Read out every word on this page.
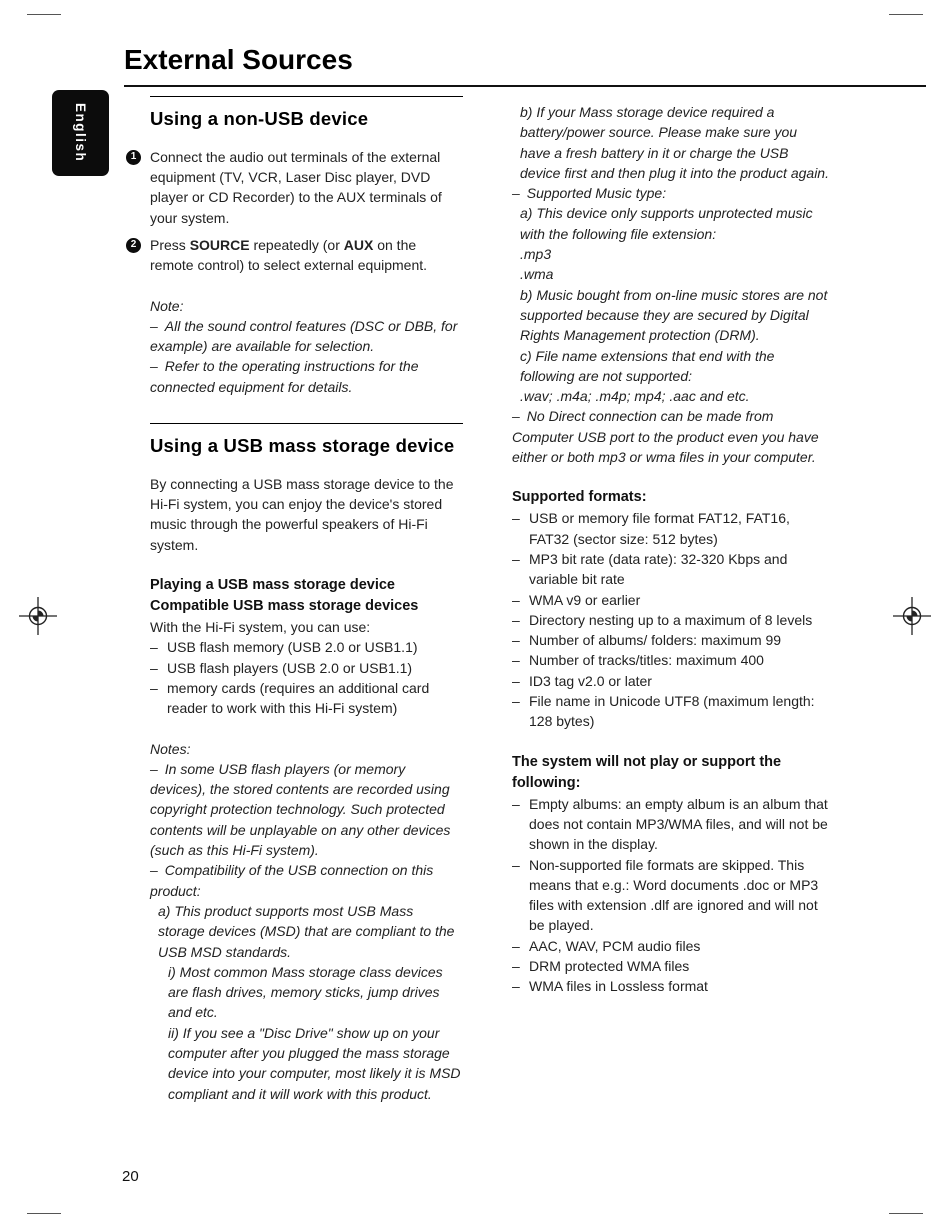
External Sources
English	Using a non-USB device
1 Connect the audio out terminals of the external equipment (TV, VCR, Laser Disc player, DVD player or CD Recorder) to the AUX terminals of your system.
2 Press SOURCE repeatedly (or AUX on the remote control) to select external equipment.

Note:

– All the sound control features (DSC or DBB, for example) are available for selection.

– Refer to the operating instructions for the connected equipment for details.

Using a USB mass storage device

By connecting a USB mass storage device to the Hi-Fi system, you can enjoy the device's stored music through the powerful speakers of Hi-Fi system.

Playing a USB mass storage device

Compatible USB mass storage devices

With the Hi-Fi system, you can use:

– USB flash memory (USB 2.0 or USB1.1)
– USB flash players (USB 2.0 or USB1.1)
– memory cards (requires an additional card reader to work with this Hi-Fi system)

Notes:

– In some USB flash players (or memory devices), the stored contents are recorded using copyright protection technology. Such protected contents will be unplayable on any other devices (such as this Hi-Fi system).

– Compatibility of the USB connection on this product:

a) This product supports most USB Mass storage devices (MSD) that are compliant to the USB MSD standards.

i) Most common Mass storage class devices are flash drives, memory sticks, jump drives and etc.

ii) If you see a "Disc Drive" show up on your computer after you plugged the mass storage device into your computer, most likely it is MSD compliant and it will work with this product.

b) If your Mass storage device required a battery/power source. Please make sure you have a fresh battery in it or charge the USB device first and then plug it into the product again.

– Supported Music type:

a) This device only supports unprotected music with the following file extension:

.mp3

.wma

b) Music bought from on-line music stores are not supported because they are secured by Digital Rights Management protection (DRM).

c) File name extensions that end with the following are not supported:

.wav; .m4a; .m4p; mp4; .aac and etc.

– No Direct connection can be made from Computer USB port to the product even you have either or both mp3 or wma files in your computer.

Supported formats:

– USB or memory file format FAT12, FAT16, FAT32 (sector size: 512 bytes)
– MP3 bit rate (data rate): 32-320 Kbps and variable bit rate
– WMA v9 or earlier
– Directory nesting up to a maximum of 8 levels
– Number of albums/ folders: maximum 99
– Number of tracks/titles: maximum 400
– ID3 tag v2.0 or later
– File name in Unicode UTF8 (maximum length: 128 bytes)

The system will not play or support the following:

– Empty albums: an empty album is an album that does not contain MP3/WMA files, and will not be shown in the display.
– Non-supported file formats are skipped. This means that e.g.: Word documents .doc or MP3 files with extension .dlf are ignored and will not be played.
– AAC, WAV, PCM audio files
– DRM protected WMA files
– WMA files in Lossless format
20
